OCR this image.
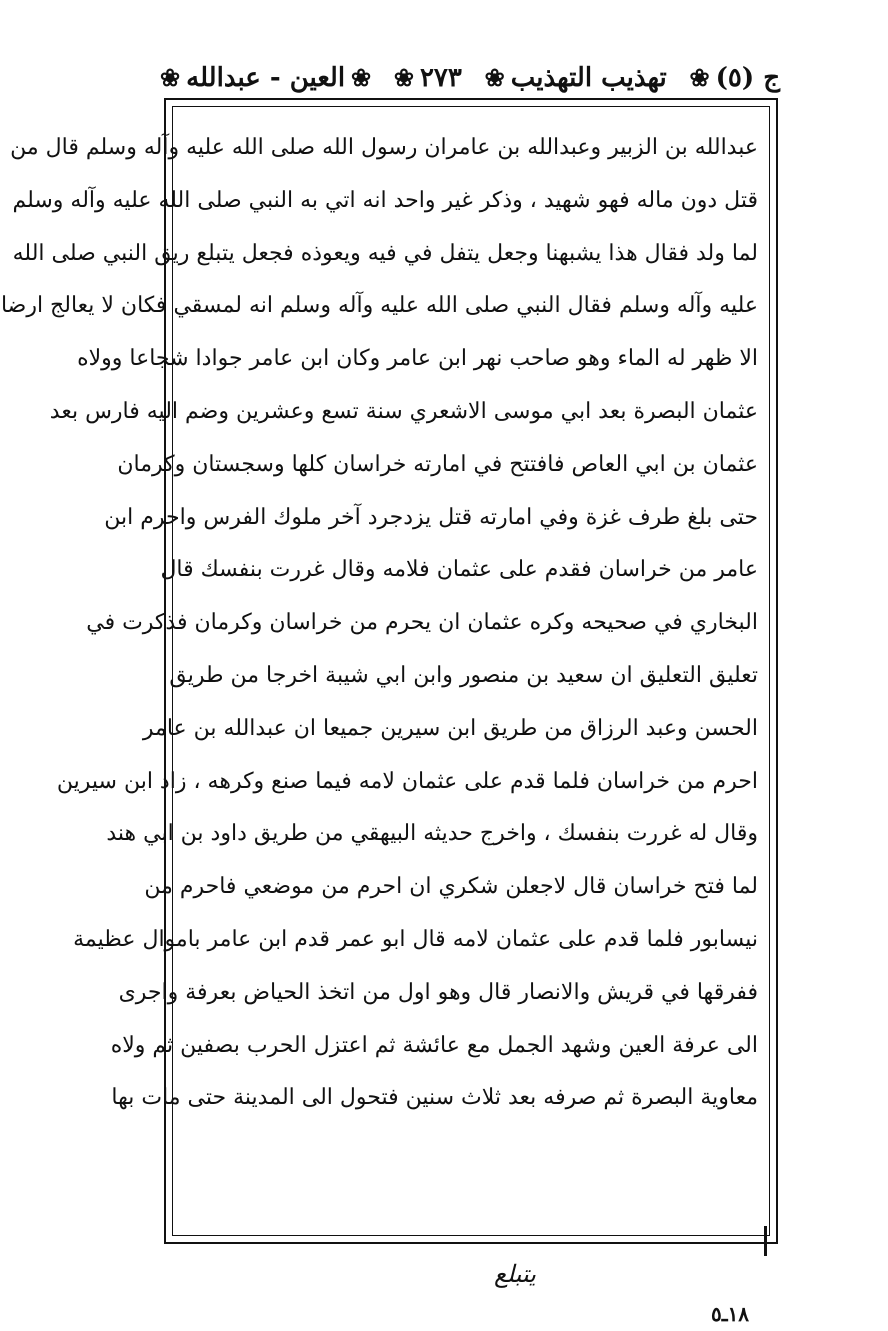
ج (٥)
❀
تهذيب التهذيب
❀
٢٧٣
❀
❀
العين - عبدالله
❀
عبدالله بن الزبير وعبدالله بن عامران رسول الله صلى الله عليه وآله وسلم قال من
قتل دون ماله فهو شهيد ، وذكر غير واحد انه اتي به النبي صلى الله عليه وآله وسلم
لما ولد فقال هذا يشبهنا وجعل يتفل في فيه ويعوذه فجعل يتبلع ريق النبي صلى الله
عليه وآله وسلم فقال النبي صلى الله عليه وآله وسلم انه لمسقي فكان لا يعالج ارضا
الا ظهر له الماء وهو صاحب نهر ابن عامر وكان ابن عامر جوادا شجاعا وولاه
عثمان البصرة بعد ابي موسى الاشعري سنة تسع وعشرين وضم اليه فارس بعد
عثمان بن ابي العاص فافتتح في امارته خراسان كلها وسجستان وكرمان
حتى بلغ طرف غزة وفي امارته قتل يزدجرد آخر ملوك الفرس واحرم ابن
عامر من خراسان فقدم على عثمان فلامه وقال غررت بنفسك قال
البخاري في صحيحه وكره عثمان ان يحرم من خراسان وكرمان فذكرت في
تعليق التعليق ان سعيد بن منصور وابن ابي شيبة اخرجا من طريق
الحسن وعبد الرزاق من طريق ابن سيرين جميعا ان عبدالله بن عامر
احرم من خراسان فلما قدم على عثمان لامه فيما صنع وكرهه ، زاد ابن سيرين
وقال له غررت بنفسك ، واخرج حديثه البيهقي من طريق داود بن ابي هند
لما فتح خراسان قال لاجعلن شكري ان احرم من موضعي فاحرم من
نيسابور فلما قدم على عثمان لامه قال ابو عمر قدم ابن عامر باموال عظيمة
ففرقها في قريش والانصار قال وهو اول من اتخذ الحياض بعرفة واجرى
الى عرفة العين وشهد الجمل مع عائشة ثم اعتزل الحرب بصفين ثم ولاه
معاوية البصرة ثم صرفه بعد ثلاث سنين فتحول الى المدينة حتى مات بها
يتبلع
١٨ـ٥
